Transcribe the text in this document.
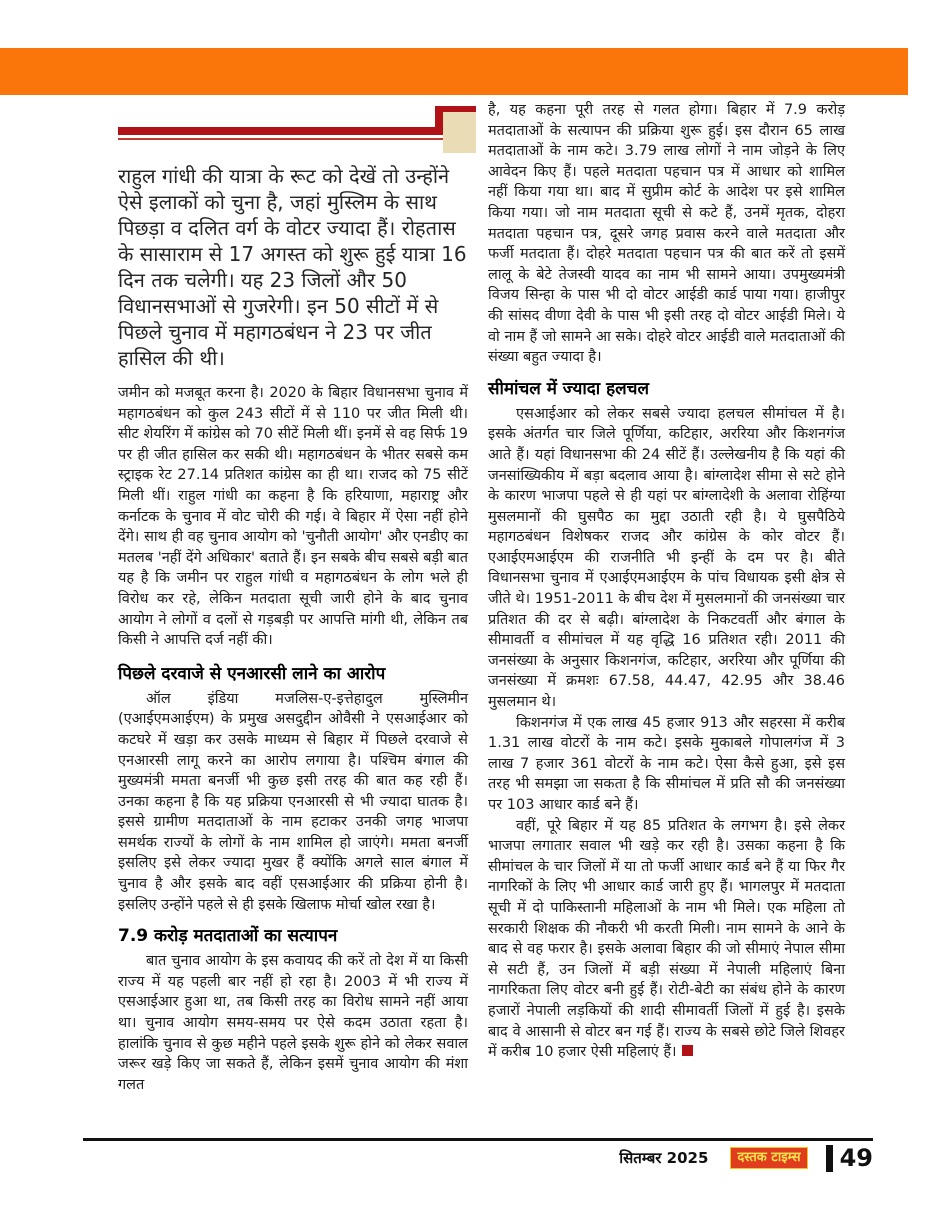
राहुल गांधी की यात्रा के रूट को देखें तो उन्होंने ऐसे इलाकों को चुना है, जहां मुस्लिम के साथ पिछड़ा व दलित वर्ग के वोटर ज्यादा हैं। रोहतास के सासाराम से 17 अगस्त को शुरू हुई यात्रा 16 दिन तक चलेगी। यह 23 जिलों और 50 विधानसभाओं से गुजरेगी। इन 50 सीटों में से पिछले चुनाव में महागठबंधन ने 23 पर जीत हासिल की थी।

जमीन को मजबूत करना है। 2020 के बिहार विधानसभा चुनाव में महागठबंधन को कुल 243 सीटों में से 110 पर जीत मिली थी। सीट शेयरिंग में कांग्रेस को 70 सीटें मिली थीं। इनमें से वह सिर्फ 19 पर ही जीत हासिल कर सकी थी। महागठबंधन के भीतर सबसे कम स्ट्राइक रेट 27.14 प्रतिशत कांग्रेस का ही था। राजद को 75 सीटें मिली थीं। राहुल गांधी का कहना है कि हरियाणा, महाराष्ट्र और कर्नाटक के चुनाव में वोट चोरी की गई। वे बिहार में ऐसा नहीं होने देंगे। साथ ही वह चुनाव आयोग को 'चुनौती आयोग' और एनडीए का मतलब 'नहीं देंगे अधिकार' बताते हैं। इन सबके बीच सबसे बड़ी बात यह है कि जमीन पर राहुल गांधी व महागठबंधन के लोग भले ही विरोध कर रहे, लेकिन मतदाता सूची जारी होने के बाद चुनाव आयोग ने लोगों व दलों से गड़बड़ी पर आपत्ति मांगी थी, लेकिन तब किसी ने आपत्ति दर्ज नहीं की।

पिछले दरवाजे से एनआरसी लाने का आरोप

ऑल इंडिया मजलिस-ए-इत्तेहादुल मुस्लिमीन (एआईएमआईएम) के प्रमुख असदुद्दीन ओवैसी ने एसआईआर को कटघरे में खड़ा कर उसके माध्यम से बिहार में पिछले दरवाजे से एनआरसी लागू करने का आरोप लगाया है। पश्चिम बंगाल की मुख्यमंत्री ममता बनर्जी भी कुछ इसी तरह की बात कह रही हैं। उनका कहना है कि यह प्रक्रिया एनआरसी से भी ज्यादा घातक है। इससे ग्रामीण मतदाताओं के नाम हटाकर उनकी जगह भाजपा समर्थक राज्यों के लोगों के नाम शामिल हो जाएंगे। ममता बनर्जी इसलिए इसे लेकर ज्यादा मुखर हैं क्योंकि अगले साल बंगाल में चुनाव है और इसके बाद वहीं एसआईआर की प्रक्रिया होनी है। इसलिए उन्होंने पहले से ही इसके खिलाफ मोर्चा खोल रखा है।

7.9 करोड़ मतदाताओं का सत्यापन

बात चुनाव आयोग के इस कवायद की करें तो देश में या किसी राज्य में यह पहली बार नहीं हो रहा है। 2003 में भी राज्य में एसआईआर हुआ था, तब किसी तरह का विरोध सामने नहीं आया था। चुनाव आयोग समय-समय पर ऐसे कदम उठाता रहता है। हालांकि चुनाव से कुछ महीने पहले इसके शुरू होने को लेकर सवाल जरूर खड़े किए जा सकते हैं, लेकिन इसमें चुनाव आयोग की मंशा गलत

है, यह कहना पूरी तरह से गलत होगा। बिहार में 7.9 करोड़ मतदाताओं के सत्यापन की प्रक्रिया शुरू हुई। इस दौरान 65 लाख मतदाताओं के नाम कटे। 3.79 लाख लोगों ने नाम जोड़ने के लिए आवेदन किए हैं। पहले मतदाता पहचान पत्र में आधार को शामिल नहीं किया गया था। बाद में सुप्रीम कोर्ट के आदेश पर इसे शामिल किया गया। जो नाम मतदाता सूची से कटे हैं, उनमें मृतक, दोहरा मतदाता पहचान पत्र, दूसरे जगह प्रवास करने वाले मतदाता और फर्जी मतदाता हैं। दोहरे मतदाता पहचान पत्र की बात करें तो इसमें लालू के बेटे तेजस्वी यादव का नाम भी सामने आया। उपमुख्यमंत्री विजय सिन्हा के पास भी दो वोटर आईडी कार्ड पाया गया। हाजीपुर की सांसद वीणा देवी के पास भी इसी तरह दो वोटर आईडी मिले। ये वो नाम हैं जो सामने आ सके। दोहरे वोटर आईडी वाले मतदाताओं की संख्या बहुत ज्यादा है।

सीमांचल में ज्यादा हलचल

एसआईआर को लेकर सबसे ज्यादा हलचल सीमांचल में है। इसके अंतर्गत चार जिले पूर्णिया, कटिहार, अररिया और किशनगंज आते हैं। यहां विधानसभा की 24 सीटें हैं। उल्लेखनीय है कि यहां की जनसांख्यिकीय में बड़ा बदलाव आया है। बांग्लादेश सीमा से सटे होने के कारण भाजपा पहले से ही यहां पर बांग्लादेशी के अलावा रोहिंग्या मुसलमानों की घुसपैठ का मुद्दा उठाती रही है। ये घुसपैठिये महागठबंधन विशेषकर राजद और कांग्रेस के कोर वोटर हैं। एआईएमआईएम की राजनीति भी इन्हीं के दम पर है। बीते विधानसभा चुनाव में एआईएमआईएम के पांच विधायक इसी क्षेत्र से जीते थे। 1951-2011 के बीच देश में मुसलमानों की जनसंख्या चार प्रतिशत की दर से बढ़ी। बांग्लादेश के निकटवर्ती और बंगाल के सीमावर्ती व सीमांचल में यह वृद्धि 16 प्रतिशत रही। 2011 की जनसंख्या के अनुसार किशनगंज, कटिहार, अररिया और पूर्णिया की जनसंख्या में क्रमशः 67.58, 44.47, 42.95 और 38.46 मुसलमान थे।

किशनगंज में एक लाख 45 हजार 913 और सहरसा में करीब 1.31 लाख वोटरों के नाम कटे। इसके मुकाबले गोपालगंज में 3 लाख 7 हजार 361 वोटरों के नाम कटे। ऐसा कैसे हुआ, इसे इस तरह भी समझा जा सकता है कि सीमांचल में प्रति सौ की जनसंख्या पर 103 आधार कार्ड बने हैं।

वहीं, पूरे बिहार में यह 85 प्रतिशत के लगभग है। इसे लेकर भाजपा लगातार सवाल भी खड़े कर रही है। उसका कहना है कि सीमांचल के चार जिलों में या तो फर्जी आधार कार्ड बने हैं या फिर गैर नागरिकों के लिए भी आधार कार्ड जारी हुए हैं। भागलपुर में मतदाता सूची में दो पाकिस्तानी महिलाओं के नाम भी मिले। एक महिला तो सरकारी शिक्षक की नौकरी भी करती मिली। नाम सामने के आने के बाद से वह फरार है। इसके अलावा बिहार की जो सीमाएं नेपाल सीमा से सटी हैं, उन जिलों में बड़ी संख्या में नेपाली महिलाएं बिना नागरिकता लिए वोटर बनी हुई हैं। रोटी-बेटी का संबंध होने के कारण हजारों नेपाली लड़कियों की शादी सीमावर्ती जिलों में हुई है। इसके बाद वे आसानी से वोटर बन गई हैं। राज्य के सबसे छोटे जिले शिवहर में करीब 10 हजार ऐसी महिलाएं हैं।

सितम्बर 2025	दस्तक टाइम्स 49
